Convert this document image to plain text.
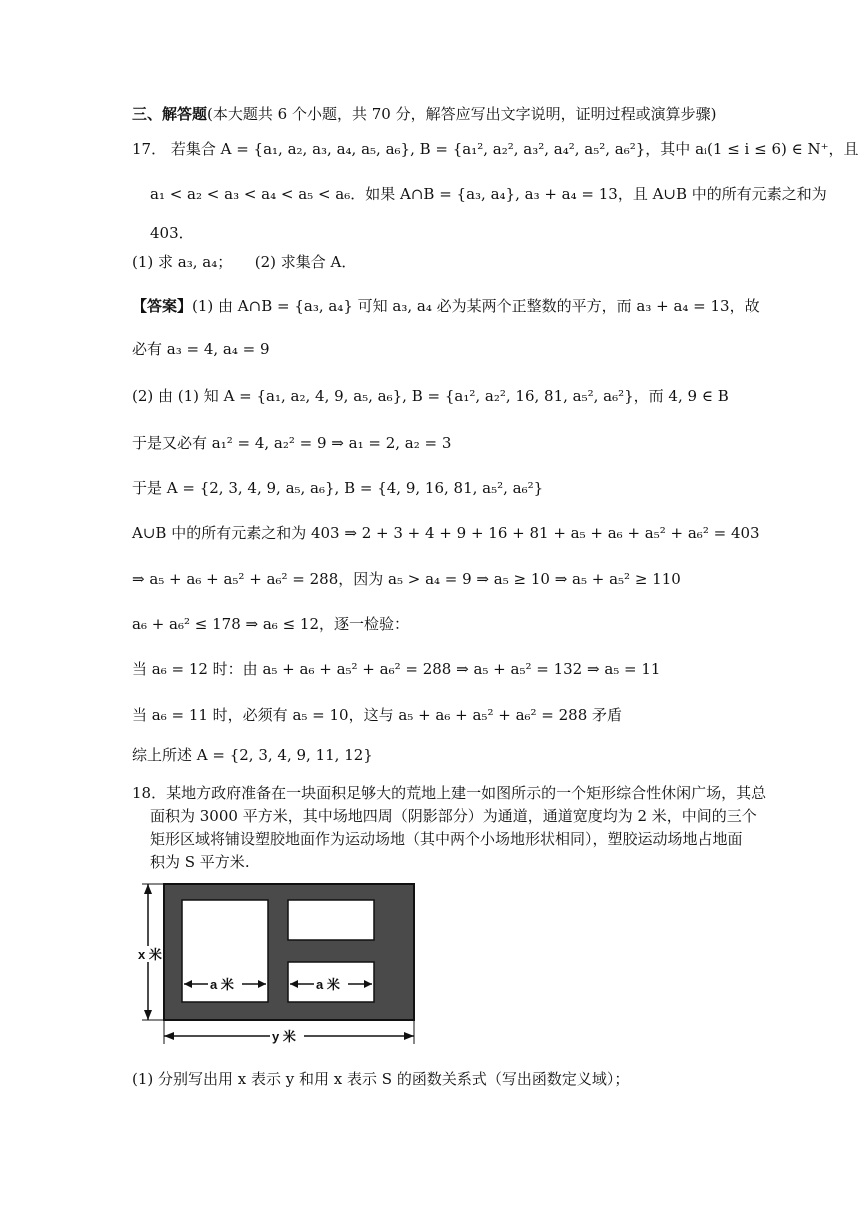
三、解答题(本大题共 6 个小题，共 70 分，解答应写出文字说明，证明过程或演算步骤)
17． 若集合 A = {a₁, a₂, a₃, a₄, a₅, a₆}, B = {a₁², a₂², a₃², a₄², a₅², a₆²}，其中 aᵢ(1 ≤ i ≤ 6) ∈ N⁺，且
a₁ < a₂ < a₃ < a₄ < a₅ < a₆．如果 A∩B = {a₃, a₄}, a₃ + a₄ = 13，且 A∪B 中的所有元素之和为
403．
(1) 求 a₃, a₄；　　(2) 求集合 A．
【答案】(1) 由 A∩B = {a₃, a₄} 可知 a₃, a₄ 必为某两个正整数的平方，而 a₃ + a₄ = 13，故
必有 a₃ = 4, a₄ = 9
(2) 由 (1) 知 A = {a₁, a₂, 4, 9, a₅, a₆}, B = {a₁², a₂², 16, 81, a₅², a₆²}，而 4, 9 ∈ B
于是又必有 a₁² = 4, a₂² = 9 ⇒ a₁ = 2, a₂ = 3
于是 A = {2, 3, 4, 9, a₅, a₆}, B = {4, 9, 16, 81, a₅², a₆²}
A∪B 中的所有元素之和为 403 ⇒ 2 + 3 + 4 + 9 + 16 + 81 + a₅ + a₆ + a₅² + a₆² = 403
⇒ a₅ + a₆ + a₅² + a₆² = 288，因为 a₅ > a₄ = 9 ⇒ a₅ ≥ 10 ⇒ a₅ + a₅² ≥ 110
a₆ + a₆² ≤ 178 ⇒ a₆ ≤ 12，逐一检验：
当 a₆ = 12 时：由 a₅ + a₆ + a₅² + a₆² = 288 ⇒ a₅ + a₅² = 132 ⇒ a₅ = 11
当 a₆ = 11 时，必须有 a₅ = 10，这与 a₅ + a₆ + a₅² + a₆² = 288 矛盾
综上所述 A = {2, 3, 4, 9, 11, 12}
18．某地方政府准备在一块面积足够大的荒地上建一如图所示的一个矩形综合性休闲广场，其总
面积为 3000 平方米，其中场地四周（阴影部分）为通道，通道宽度均为 2 米，中间的三个
矩形区域将铺设塑胶地面作为运动场地（其中两个小场地形状相同），塑胶运动场地占地面
积为 S 平方米.
x 米
y 米
a 米	a 米
(1) 分别写出用 x 表示 y 和用 x 表示 S 的函数关系式（写出函数定义域）；
